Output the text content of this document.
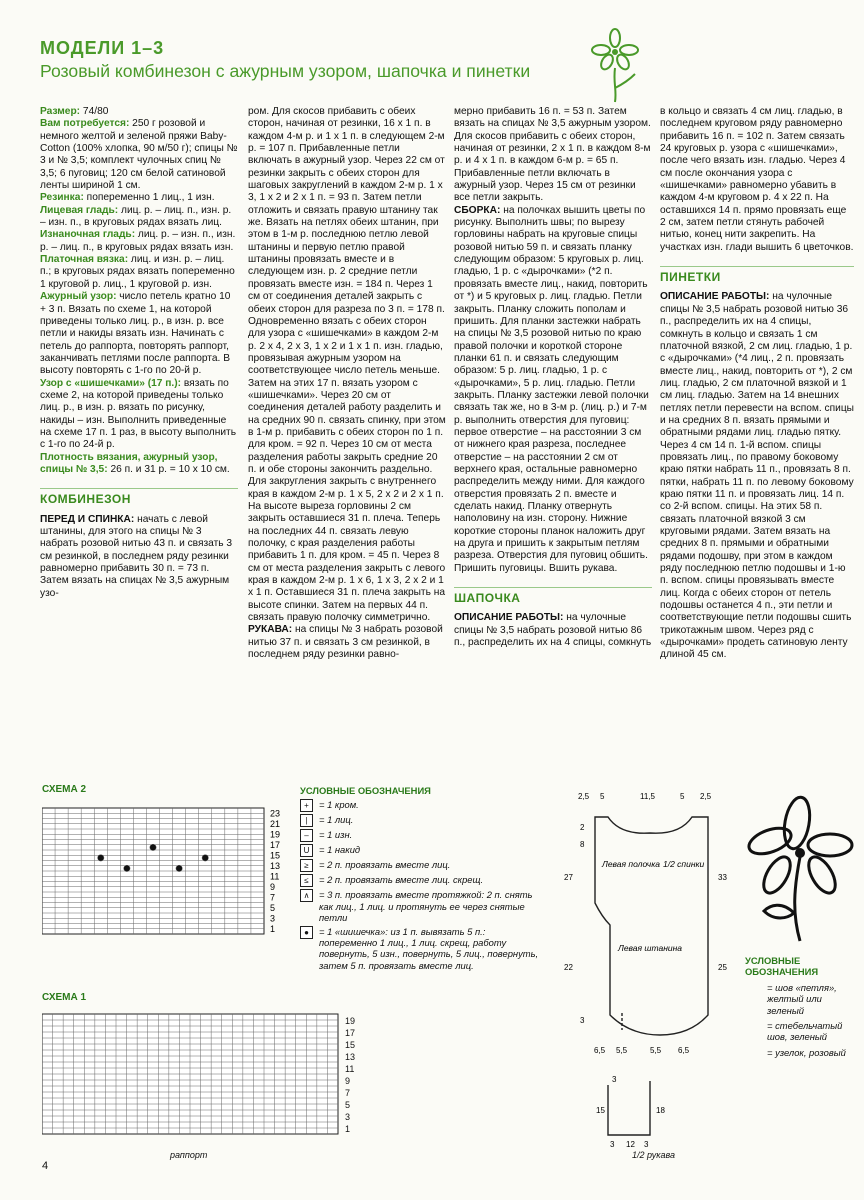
МОДЕЛИ 1–3
Розовый комбинезон с ажурным узором, шапочка и пинетки

Размер: 74/80

Вам потребуется: 250 г розовой и немного желтой и зеленой пряжи Baby-Cotton (100% хлопка, 90 м/50 г); спицы № 3 и № 3,5; комплект чулочных спиц № 3,5; 6 пуговиц; 120 см белой сатиновой ленты шириной 1 см.

Резинка: попеременно 1 лиц., 1 изн.

Лицевая гладь: лиц. р. – лиц. п., изн. р. – изн. п., в круговых рядах вязать лиц.

Изнаночная гладь: лиц. р. – изн. п., изн. р. – лиц. п., в круговых рядах вязать изн.

Платочная вязка: лиц. и изн. р. – лиц. п.; в круговых рядах вязать попеременно 1 круговой р. лиц., 1 круговой р. изн.

Ажурный узор: число петель кратно 10 + 3 п. Вязать по схеме 1, на которой приведены только лиц. р., в изн. р. все петли и накиды вязать изн. Начинать с петель до раппорта, повторять раппорт, заканчивать петлями после раппорта. В высоту повторять с 1-го по 20-й р.

Узор с «шишечками» (17 п.): вязать по схеме 2, на которой приведены только лиц. р., в изн. р. вязать по рисунку, накиды – изн. Выполнить приведенные на схеме 17 п. 1 раз, в высоту выполнить с 1-го по 24-й р.

Плотность вязания, ажурный узор, спицы № 3,5: 26 п. и 31 р. = 10 х 10 см.

КОМБИНЕЗОН

ПЕРЕД И СПИНКА: начать с левой штанины, для этого на спицы № 3 набрать розовой нитью 43 п. и связать 3 см резинкой, в последнем ряду резинки равномерно прибавить 30 п. = 73 п. Затем вязать на спицах № 3,5 ажурным узо-

ром. Для скосов прибавить с обеих сторон, начиная от резинки, 16 х 1 п. в каждом 4-м р. и 1 х 1 п. в следующем 2-м р. = 107 п. Прибавленные петли включать в ажурный узор. Через 22 см от резинки закрыть с обеих сторон для шаговых закруглений в каждом 2-м р. 1 х 3, 1 х 2 и 2 х 1 п. = 93 п. Затем петли отложить и связать правую штанину так же. Вязать на петлях обеих штанин, при этом в 1-м р. последнюю петлю левой штанины и первую петлю правой штанины провязать вместе и в следующем изн. р. 2 средние петли провязать вместе изн. = 184 п. Через 1 см от соединения деталей закрыть с обеих сторон для разреза по 3 п. = 178 п. Одновременно вязать с обеих сторон для узора с «шишечками» в каждом 2-м р. 2 х 4, 2 х 3, 1 х 2 и 1 х 1 п. изн. гладью, провязывая ажурным узором на соответствующее число петель меньше. Затем на этих 17 п. вязать узором с «шишечками». Через 20 см от соединения деталей работу разделить и на средних 90 п. связать спинку, при этом в 1-м р. прибавить с обеих сторон по 1 п. для кром. = 92 п. Через 10 см от места разделения работы закрыть средние 20 п. и обе стороны закончить раздельно. Для закругления закрыть с внутреннего края в каждом 2-м р. 1 х 5, 2 х 2 и 2 х 1 п. На высоте выреза горловины 2 см закрыть оставшиеся 31 п. плеча. Теперь на последних 44 п. связать левую полочку, с края разделения работы прибавить 1 п. для кром. = 45 п. Через 8 см от места разделения закрыть с левого края в каждом 2-м р. 1 х 6, 1 х 3, 2 х 2 и 1 х 1 п. Оставшиеся 31 п. плеча закрыть на высоте спинки. Затем на первых 44 п. связать правую полочку симметрично.

РУКАВА: на спицы № 3 набрать розовой нитью 37 п. и связать 3 см резинкой, в последнем ряду резинки равно-

мерно прибавить 16 п. = 53 п. Затем вязать на спицах № 3,5 ажурным узором. Для скосов прибавить с обеих сторон, начиная от резинки, 2 х 1 п. в каждом 8-м р. и 4 х 1 п. в каждом 6-м р. = 65 п. Прибавленные петли включать в ажурный узор. Через 15 см от резинки все петли закрыть.

СБОРКА: на полочках вышить цветы по рисунку. Выполнить швы; по вырезу горловины набрать на круговые спицы розовой нитью 59 п. и связать планку следующим образом: 5 круговых р. лиц. гладью, 1 р. с «дырочками» (*2 п. провязать вместе лиц., накид, повторить от *) и 5 круговых р. лиц. гладью. Петли закрыть. Планку сложить пополам и пришить. Для планки застежки набрать на спицы № 3,5 розовой нитью по краю правой полочки и короткой стороне планки 61 п. и связать следующим образом: 5 р. лиц. гладью, 1 р. с «дырочками», 5 р. лиц. гладью. Петли закрыть. Планку застежки левой полочки связать так же, но в 3-м р. (лиц. р.) и 7-м р. выполнить отверстия для пуговиц: первое отверстие – на расстоянии 3 см от нижнего края разреза, последнее отверстие – на расстоянии 2 см от верхнего края, остальные равномерно распределить между ними. Для каждого отверстия провязать 2 п. вместе и сделать накид. Планку отвернуть наполовину на изн. сторону. Нижние короткие стороны планок наложить друг на друга и пришить к закрытым петлям разреза. Отверстия для пуговиц обшить. Пришить пуговицы. Вшить рукава.

ШАПОЧКА

ОПИСАНИЕ РАБОТЫ: на чулочные спицы № 3,5 набрать розовой нитью 86 п., распределить их на 4 спицы, сомкнуть

в кольцо и связать 4 см лиц. гладью, в последнем круговом ряду равномерно прибавить 16 п. = 102 п. Затем связать 24 круговых р. узора с «шишечками», после чего вязать изн. гладью. Через 4 см после окончания узора с «шишечками» равномерно убавить в каждом 4-м круговом р. 4 х 22 п. На оставшихся 14 п. прямо провязать еще 2 см, затем петли стянуть рабочей нитью, конец нити закрепить. На участках изн. глади вышить 6 цветочков.

ПИНЕТКИ

ОПИСАНИЕ РАБОТЫ: на чулочные спицы № 3,5 набрать розовой нитью 36 п., распределить их на 4 спицы, сомкнуть в кольцо и связать 1 см платочной вязкой, 2 см лиц. гладью, 1 р. с «дырочками» (*4 лиц., 2 п. провязать вместе лиц., накид, повторить от *), 2 см лиц. гладью, 2 см платочной вязкой и 1 см лиц. гладью. Затем на 14 внешних петлях петли перевести на вспом. спицы и на средних 8 п. вязать прямыми и обратными рядами лиц. гладью пятку. Через 4 см 14 п. 1-й вспом. спицы провязать лиц., по правому боковому краю пятки набрать 11 п., провязать 8 п. пятки, набрать 11 п. по левому боковому краю пятки 11 п. и провязать лиц. 14 п. со 2-й вспом. спицы. На этих 58 п. связать платочной вязкой 3 см круговыми рядами. Затем вязать на средних 8 п. прямыми и обратными рядами подошву, при этом в каждом ряду последнюю петлю подошвы и 1-ю п. вспом. спицы провязывать вместе лиц. Когда с обеих сторон от петель подошвы останется 4 п., эти петли и соответствующие петли подошвы сшить трикотажным швом. Через ряд с «дырочками» продеть сатиновую ленту длиной 45 см.

СХЕМА 2
23
21
19
17
15
13
11
9
7
5
3
1
СХЕМА 1
19
17
15
13
11
9
7
5
3
1
раппорт
4
УСЛОВНЫЕ ОБОЗНАЧЕНИЯ
+	= 1 кром.
|	= 1 лиц.
–	= 1 изн.
U	= 1 накид
≥	= 2 п. провязать вместе лиц.
≤	= 2 п. провязать вместе лиц. скрещ.
∧	= 3 п. провязать вместе протяжкой: 2 п. снять как лиц., 1 лиц. и протянуть ее через снятые петли
●	= 1 «шишечка»: из 1 п. вывязать 5 п.: попеременно 1 лиц., 1 лиц. скрещ, работу повернуть, 5 изн., повернуть, 5 лиц., повернуть, затем 5 п. провязать вместе лиц.
Левая полочка 1/2 спинки
Левая штанина
2,5 5	11,5	5 2,5
6,5 5,5	5,5 6,5
2
8
27
22
3
33
25
15
3
18
3 12 3
1/2 рукава
УСЛОВНЫЕ ОБОЗНАЧЕНИЯ
= шов «петля», желтый или зеленый
= стебельчатый шов, зеленый
= узелок, розовый
